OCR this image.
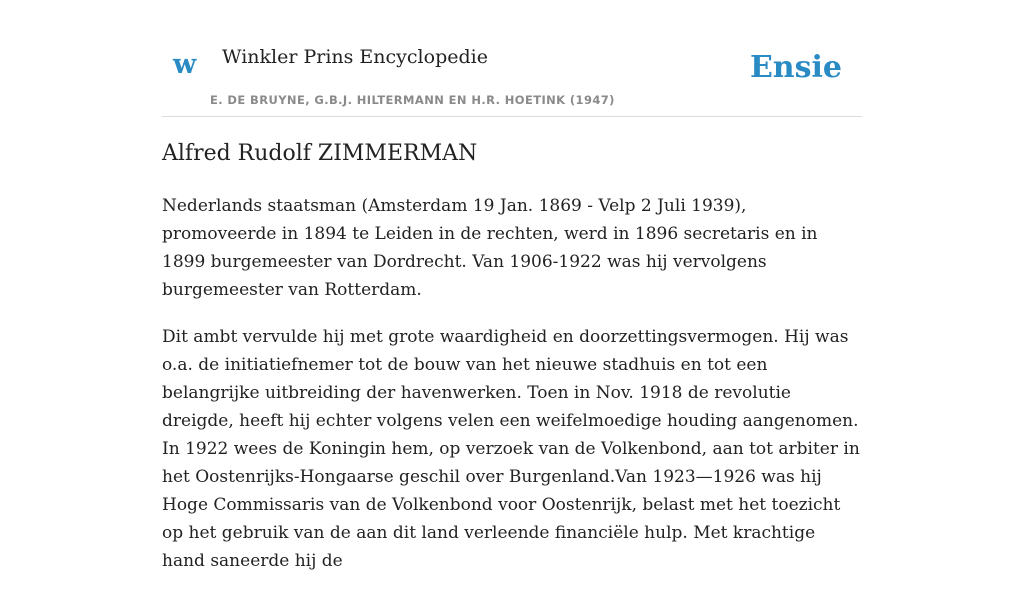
w Winkler Prins Encyclopedie
E. DE BRUYNE, G.B.J. HILTERMANN EN H.R. HOETINK (1947)
Ensie
Alfred Rudolf ZIMMERMAN

Nederlands staatsman (Amsterdam 19 Jan. 1869 - Velp 2 Juli 1939), promoveerde in 1894 te Leiden in de rechten, werd in 1896 secretaris en in 1899 burgemeester van Dordrecht. Van 1906-1922 was hij vervolgens burgemeester van Rotterdam.

Dit ambt vervulde hij met grote waardigheid en doorzettingsvermogen. Hij was o.a. de initiatiefnemer tot de bouw van het nieuwe stadhuis en tot een belangrijke uitbreiding der havenwerken. Toen in Nov. 1918 de revolutie dreigde, heeft hij echter volgens velen een weifelmoedige houding aangenomen. In 1922 wees de Koningin hem, op verzoek van de Volkenbond, aan tot arbiter in het Oostenrijks-Hongaarse geschil over Burgenland.Van 1923—1926 was hij Hoge Commissaris van de Volkenbond voor Oostenrijk, belast met het toezicht op het gebruik van de aan dit land verleende financiële hulp. Met krachtige hand saneerde hij de
